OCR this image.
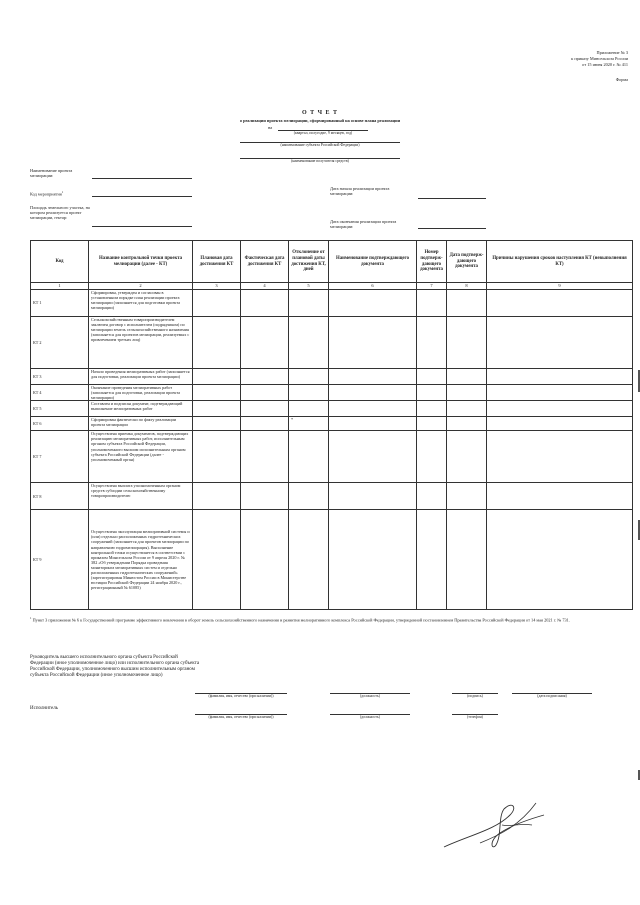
Приложение № 3
к приказу Минсельхоза России
от 15 июня 2020 г. № 411
Форма
О Т Ч Е Т
о реализации проекта мелиорации, сформированный на основе плана реализации
на
(квартал, полугодие, 9 месяцев, год)
(наименование субъекта Российской Федерации)
(наименование получателя средств)
Наименование проекта мелиорации:
Код мероприятия$^1$
Площадь земельного участка, на котором реализуется проект мелиорации, гектар:
Дата начала реализации проекта мелиорации:
Дата окончания реализации проекта мелиорации:
Код	Название контрольной точки проекта мелиорации (далее - КТ)	Плановая дата достижения КТ	Фактическая дата достижения КТ	Отклонение от плановой даты достижения КТ, дней	Наименование подтверждающего документа	Номер подтверж-дающего документа	Дата подтверж-дающего документа	Причины нарушения сроков наступления КТ (невыполнения КТ)
1	2	3	4	5	6	7	8	9
КТ 1	Сформирован, утвержден и согласован в установленном порядке план реализации проекта мелиорации (заполняется для подготовки проекта мелиорации)							
КТ 2	Сельскохозяйственным товаропроизводителем заключен договор с исполнителем (подрядчиком) по мелиорации земель сельскохозяйственного назначения (заполняется для проектов мелиорации, реализуемых с привлечением третьих лиц)							
КТ 3	Начало проведения мелиоративных работ (заполняется для подготовки, реализации проекта мелиорации)							
КТ 4	Окончание проведения мелиоративных работ (заполняется для подготовки, реализации проекта мелиорации)							
КТ 5	Составлен и подписан документ, подтверждающий выполнение мелиоративных работ							
КТ 6	Сформирован фактически по факту реализации проекта мелиорации			*				
КТ 7	Осуществлена приемка документов, подтверждающих реализацию мелиоративных работ, исполнительным органом субъекта Российской Федерации, уполномоченного высшим исполнительным органом субъекта Российской Федерации (далее - уполномоченный орган)							
КТ 8	Осуществлена выплата уполномоченным органом средств субсидии сельскохозяйственному товаропроизводителю							
КТ 9	Осуществлена эксплуатация мелиоративной системы и (или) отдельно расположенных гидротехнических сооружений (заполняется для проектов мелиорации по направлению гидромелиорация). Выполнение контрольной точки осуществляется в соответствии с приказом Минсельхоза России от 9 апреля 2020 г. № 382 «Об утверждении Порядка проведения мониторинга мелиоративных систем и отдельно расположенных гидротехнических сооружений» (зарегистрирован Минюстом России в Министерстве юстиции Российской Федерации 24 ноября 2020 г., регистрационный № 61085)							
$^1$ Пункт 3 приложения № 6 к Государственной программе эффективного вовлечения в оборот земель сельскохозяйственного назначения и развития мелиоративного комплекса Российской Федерации, утвержденной постановлением Правительства Российской Федерации от 14 мая 2021 г. № 731.
Руководитель высшего исполнительного органа субъекта Российской Федерации (иное уполномоченное лицо) или исполнительного органа субъекта Российской Федерации, уполномоченного высшим исполнительным органом субъекта Российской Федерации (иное уполномоченное лицо)
(фамилия, имя, отчество (при наличии))	(должность)	(подпись)	(дата подписания)
Исполнитель
(фамилия, имя, отчество (при наличии))	(должность)	(телефон)
